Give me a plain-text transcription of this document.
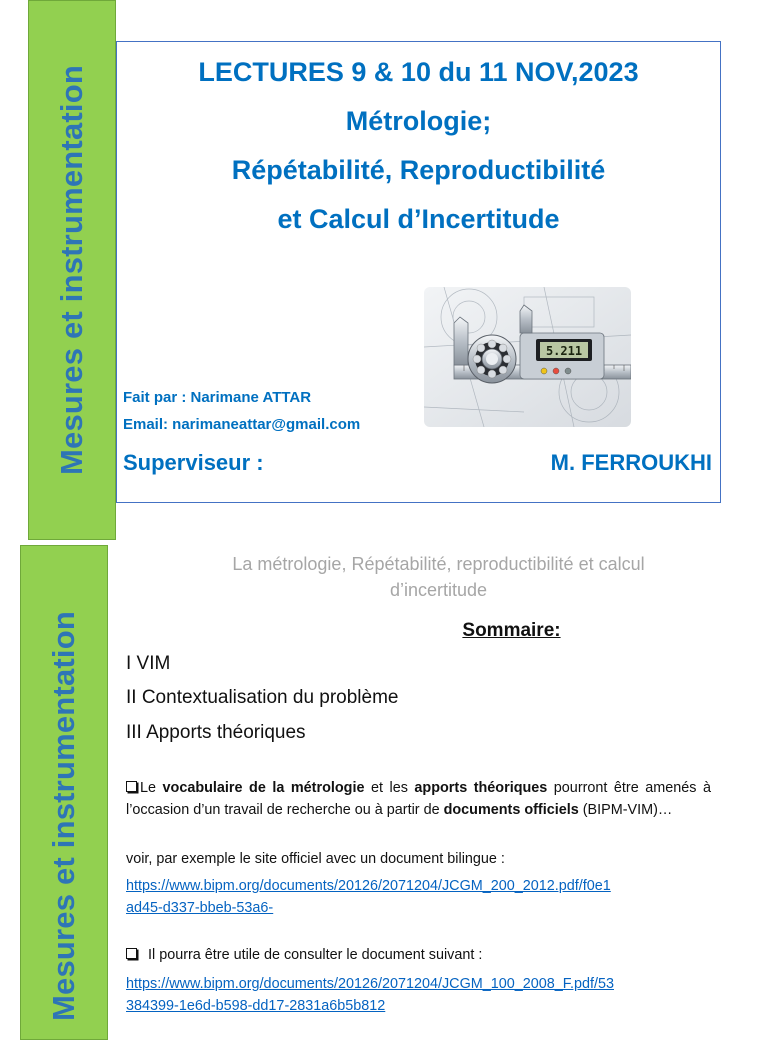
Mesures et instrumentation
Mesures et instrumentation
LECTURES 9 & 10 du 11 NOV,2023
Métrologie;
Répétabilité, Reproductibilité
et Calcul d’Incertitude
5.211
Fait par : Narimane ATTAR
Email: narimaneattar@gmail.com
Superviseur :	M. FERROUKHI
La métrologie, Répétabilité, reproductibilité et calcul
d’incertitude
Sommaire:
I VIM
II Contextualisation du problème
III Apports théoriques
Le vocabulaire de la métrologie et les apports théoriques pourront être amenés à l’occasion d’un travail de recherche ou à partir de documents officiels (BIPM-VIM)…
voir, par exemple le site officiel avec un document bilingue :
https://www.bipm.org/documents/20126/2071204/JCGM_200_2012.pdf/f0e1
ad45-d337-bbeb-53a6-
Il pourra être utile de consulter le document suivant :
https://www.bipm.org/documents/20126/2071204/JCGM_100_2008_F.pdf/53
384399-1e6d-b598-dd17-2831a6b5b812
